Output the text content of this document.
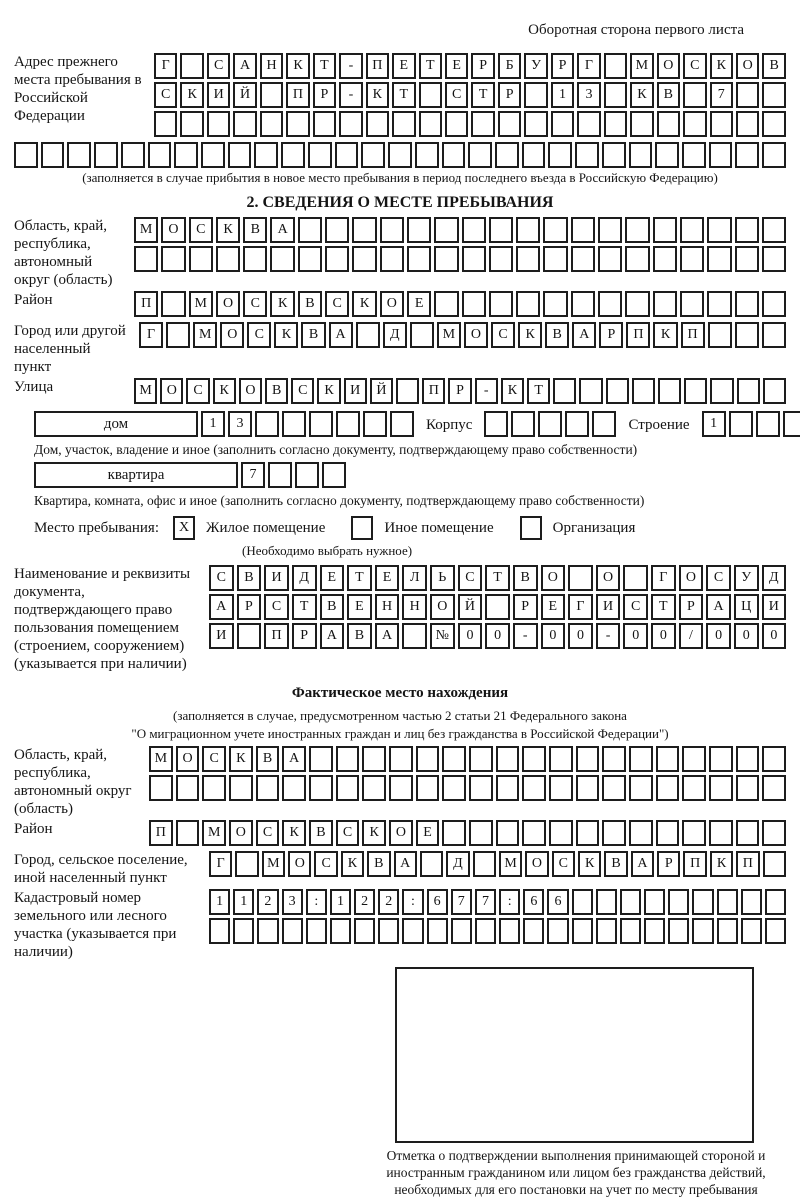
Оборотная сторона первого листа
Адрес прежнего места пребывания в Российской Федерации
Г	С	А	Н	К	Т	-	П	Е	Т	Е	Р	Б	У	Р	Г	М	О	С	К	О	В
С	К	И	Й	П	Р	-	К	Т	С	Т	Р	1	3	К	В	7
(заполняется в случае прибытия в новое место пребывания в период последнего въезда в Российскую Федерацию)
2. СВЕДЕНИЯ О МЕСТЕ ПРЕБЫВАНИЯ
Область, край, республика, автономный округ (область)
М	О	С	К	В	А
Район	П	М	О	С	К	В	С	К	О	Е
Город или другой населенный пункт
Г	М	О	С	К	В	А	Д	М	О	С	К	В	А	Р	П	К	П
Улица	М	О	С	К	О	В	С	К	И	Й	П	Р	-	К	Т
дом	1	3	Корпус	Строение	1
Дом, участок, владение и иное (заполнить согласно документу, подтверждающему право собственности)
квартира	7
Квартира, комната, офис и иное (заполнить согласно документу, подтверждающему право собственности)
Место пребывания:	X	Жилое помещение	Иное помещение	Организация
(Необходимо выбрать нужное)
Наименование и реквизиты документа, подтверждающего право пользования помещением (строением, сооружением) (указывается при наличии)
С	В	И	Д	Е	Т	Е	Л	Ь	С	Т	В	О	О	Г	О	С	У	Д
А	Р	С	Т	В	Е	Н	Н	О	Й	Р	Е	Г	И	С	Т	Р	А	Ц	И
И	П	Р	А	В	А	№	0	0	-	0	0	-	0	0	/	0	0	0
Фактическое место нахождения
(заполняется в случае, предусмотренном частью 2 статьи 21 Федерального закона
"О миграционном учете иностранных граждан и лиц без гражданства в Российской Федерации")
Область, край, республика, автономный округ (область)
М	О	С	К	В	А
Район	П	М	О	С	К	В	С	К	О	Е
Город, сельское поселение, иной населенный пункт
Г	М	О	С	К	В	А	Д	М	О	С	К	В	А	Р	П	К	П
Кадастровый номер земельного или лесного участка (указывается при наличии)
1	1	2	3	:	1	2	2	:	6	7	7	:	6	6
Отметка о подтверждении выполнения принимающей стороной и иностранным гражданином или лицом без гражданства действий, необходимых для его постановки на учет по месту пребывания
